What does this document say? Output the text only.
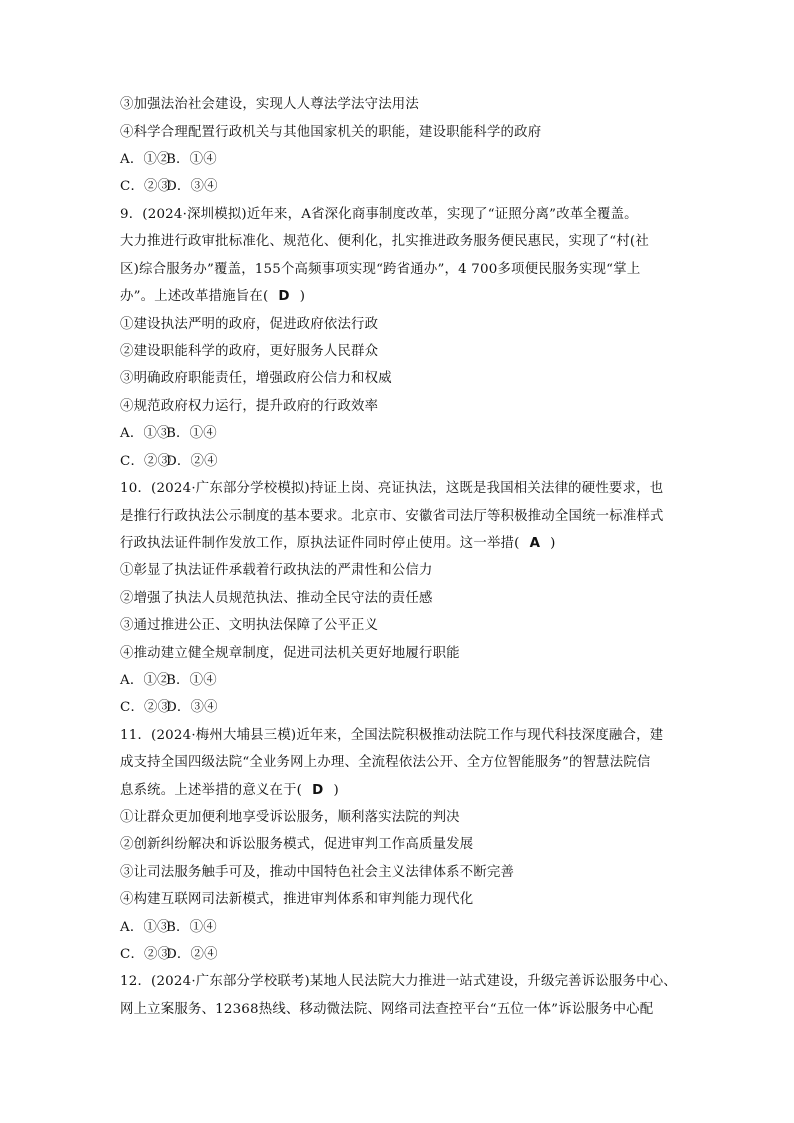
③加强法治社会建设，实现人人尊法学法守法用法
④科学合理配置行政机关与其他国家机关的职能，建设职能科学的政府
A．①②B．①④
C．②③D．③④
9．(2024·深圳模拟)近年来，A省深化商事制度改革，实现了“证照分离”改革全覆盖。
大力推进行政审批标准化、规范化、便利化，扎实推进政务服务便民惠民，实现了“村(社
区)综合服务办”覆盖，155个高频事项实现“跨省通办”，4 700多项便民服务实现“掌上
办”。上述改革措施旨在( D )
①建设执法严明的政府，促进政府依法行政
②建设职能科学的政府，更好服务人民群众
③明确政府职能责任，增强政府公信力和权威
④规范政府权力运行，提升政府的行政效率
A．①③B．①④
C．②③D．②④
10．(2024·广东部分学校模拟)持证上岗、亮证执法，这既是我国相关法律的硬性要求，也
是推行行政执法公示制度的基本要求。北京市、安徽省司法厅等积极推动全国统一标准样式
行政执法证件制作发放工作，原执法证件同时停止使用。这一举措( A )
①彰显了执法证件承载着行政执法的严肃性和公信力
②增强了执法人员规范执法、推动全民守法的责任感
③通过推进公正、文明执法保障了公平正义
④推动建立健全规章制度，促进司法机关更好地履行职能
A．①②B．①④
C．②③D．③④
11．(2024·梅州大埔县三模)近年来，全国法院积极推动法院工作与现代科技深度融合，建
成支持全国四级法院“全业务网上办理、全流程依法公开、全方位智能服务”的智慧法院信
息系统。上述举措的意义在于( D )
①让群众更加便利地享受诉讼服务，顺利落实法院的判决
②创新纠纷解决和诉讼服务模式，促进审判工作高质量发展
③让司法服务触手可及，推动中国特色社会主义法律体系不断完善
④构建互联网司法新模式，推进审判体系和审判能力现代化
A．①③B．①④
C．②③D．②④
12．(2024·广东部分学校联考)某地人民法院大力推进一站式建设，升级完善诉讼服务中心、
网上立案服务、12368热线、移动微法院、网络司法查控平台“五位一体”诉讼服务中心配
